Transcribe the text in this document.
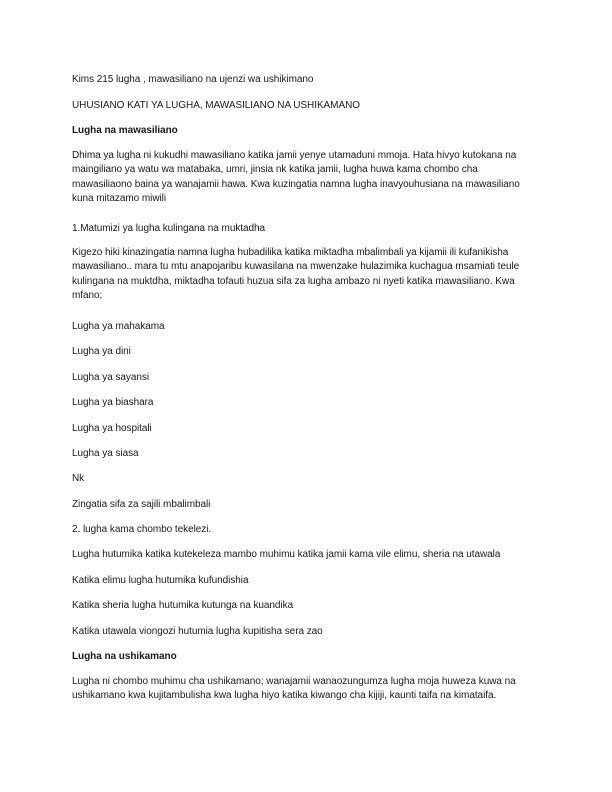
Kims 215 lugha , mawasiliano na ujenzi wa ushikimano
UHUSIANO KATI YA LUGHA, MAWASILIANO NA USHIKAMANO
Lugha na mawasiliano
Dhima ya lugha ni kukudhi mawasiliano katika jamii yenye utamaduni mmoja. Hata hivyo kutokana na
maingiliano ya watu wa matabaka, umri, jinsia nk katika jamii, lugha huwa kama chombo cha
mawasiliaono baina ya wanajamii hawa. Kwa kuzingatia namna lugha inavyouhusiana na mawasiliano
kuna mitazamo miwili
1.Matumizi ya lugha kulingana na muktadha
Kigezo hiki kinazingatia namna lugha hubadilika katika miktadha mbalimbali ya kijamii ili kufanikisha
mawasiliano.. mara tu mtu anapojaribu kuwasilana na mwenzake hulazimika kuchagua msamiati teule
kulingana na muktdha, miktadha tofauti huzua sifa za lugha ambazo ni nyeti katika mawasiliano. Kwa
mfano;
Lugha ya mahakama
Lugha ya dini
Lugha ya sayansi
Lugha ya biashara
Lugha ya hospitali
Lugha ya siasa
Nk
Zingatia sifa za sajili mbalimbali
2. lugha kama chombo tekelezi.
Lugha hutumika katika kutekeleza mambo muhimu katika jamii kama vile elimu, sheria na utawala
Katika elimu lugha hutumika kufundishia
Katika sheria lugha hutumika kutunga na kuandika
Katika utawala viongozi hutumia lugha kupitisha sera zao
Lugha na ushikamano
Lugha ni chombo muhimu cha ushikamano; wanajamii wanaozungumza lugha moja huweza kuwa na
ushikamano kwa kujitambulisha kwa lugha hiyo katika kiwango cha kijiji, kaunti taifa na kimataifa.
